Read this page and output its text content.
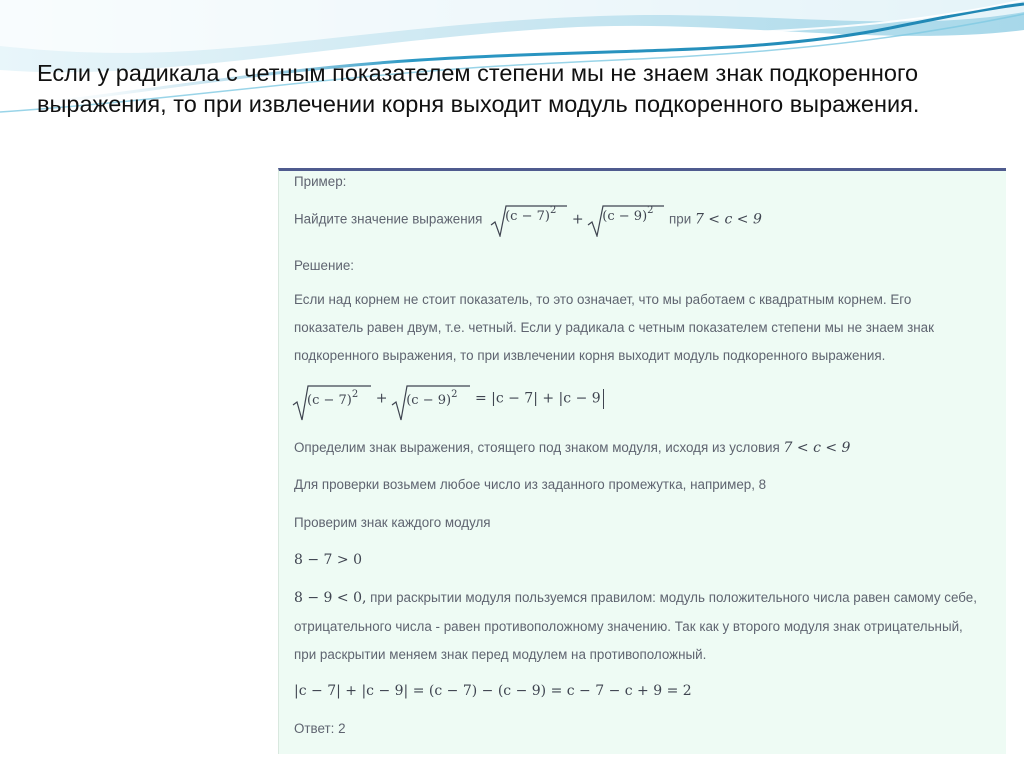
Если у радикала с четным показателем степени мы не знаем знак подкоренного выражения, то при извлечении корня выходит модуль подкоренного выражения.

Пример:
Найдите значение выражения $(c - 7)^2 + (c - 9)^2$ при 7 < c < 9
Решение:
Если над корнем не стоит показатель, то это означает, что мы работаем с квадратным корнем. Его
показатель равен двум, т.е. четный. Если у радикала с четным показателем степени мы не знаем знак
подкоренного выражения, то при извлечении корня выходит модуль подкоренного выражения.
$(c - 7)^2 + (c - 9)^2 = |c - 7| + |c - 9$
Определим знак выражения, стоящего под знаком модуля, исходя из условия 7 < c < 9
Для проверки возьмем любое число из заданного промежутка, например, 8
Проверим знак каждого модуля
8 − 7 > 0
8 − 9 < 0, при раскрытии модуля пользуемся правилом: модуль положительного числа равен самому себе,
отрицательного числа - равен противоположному значению. Так как у второго модуля знак отрицательный,
при раскрытии меняем знак перед модулем на противоположный.
|c − 7| + |c − 9| = (c − 7) − (c − 9) = c − 7 − c + 9 = 2
Ответ: 2
